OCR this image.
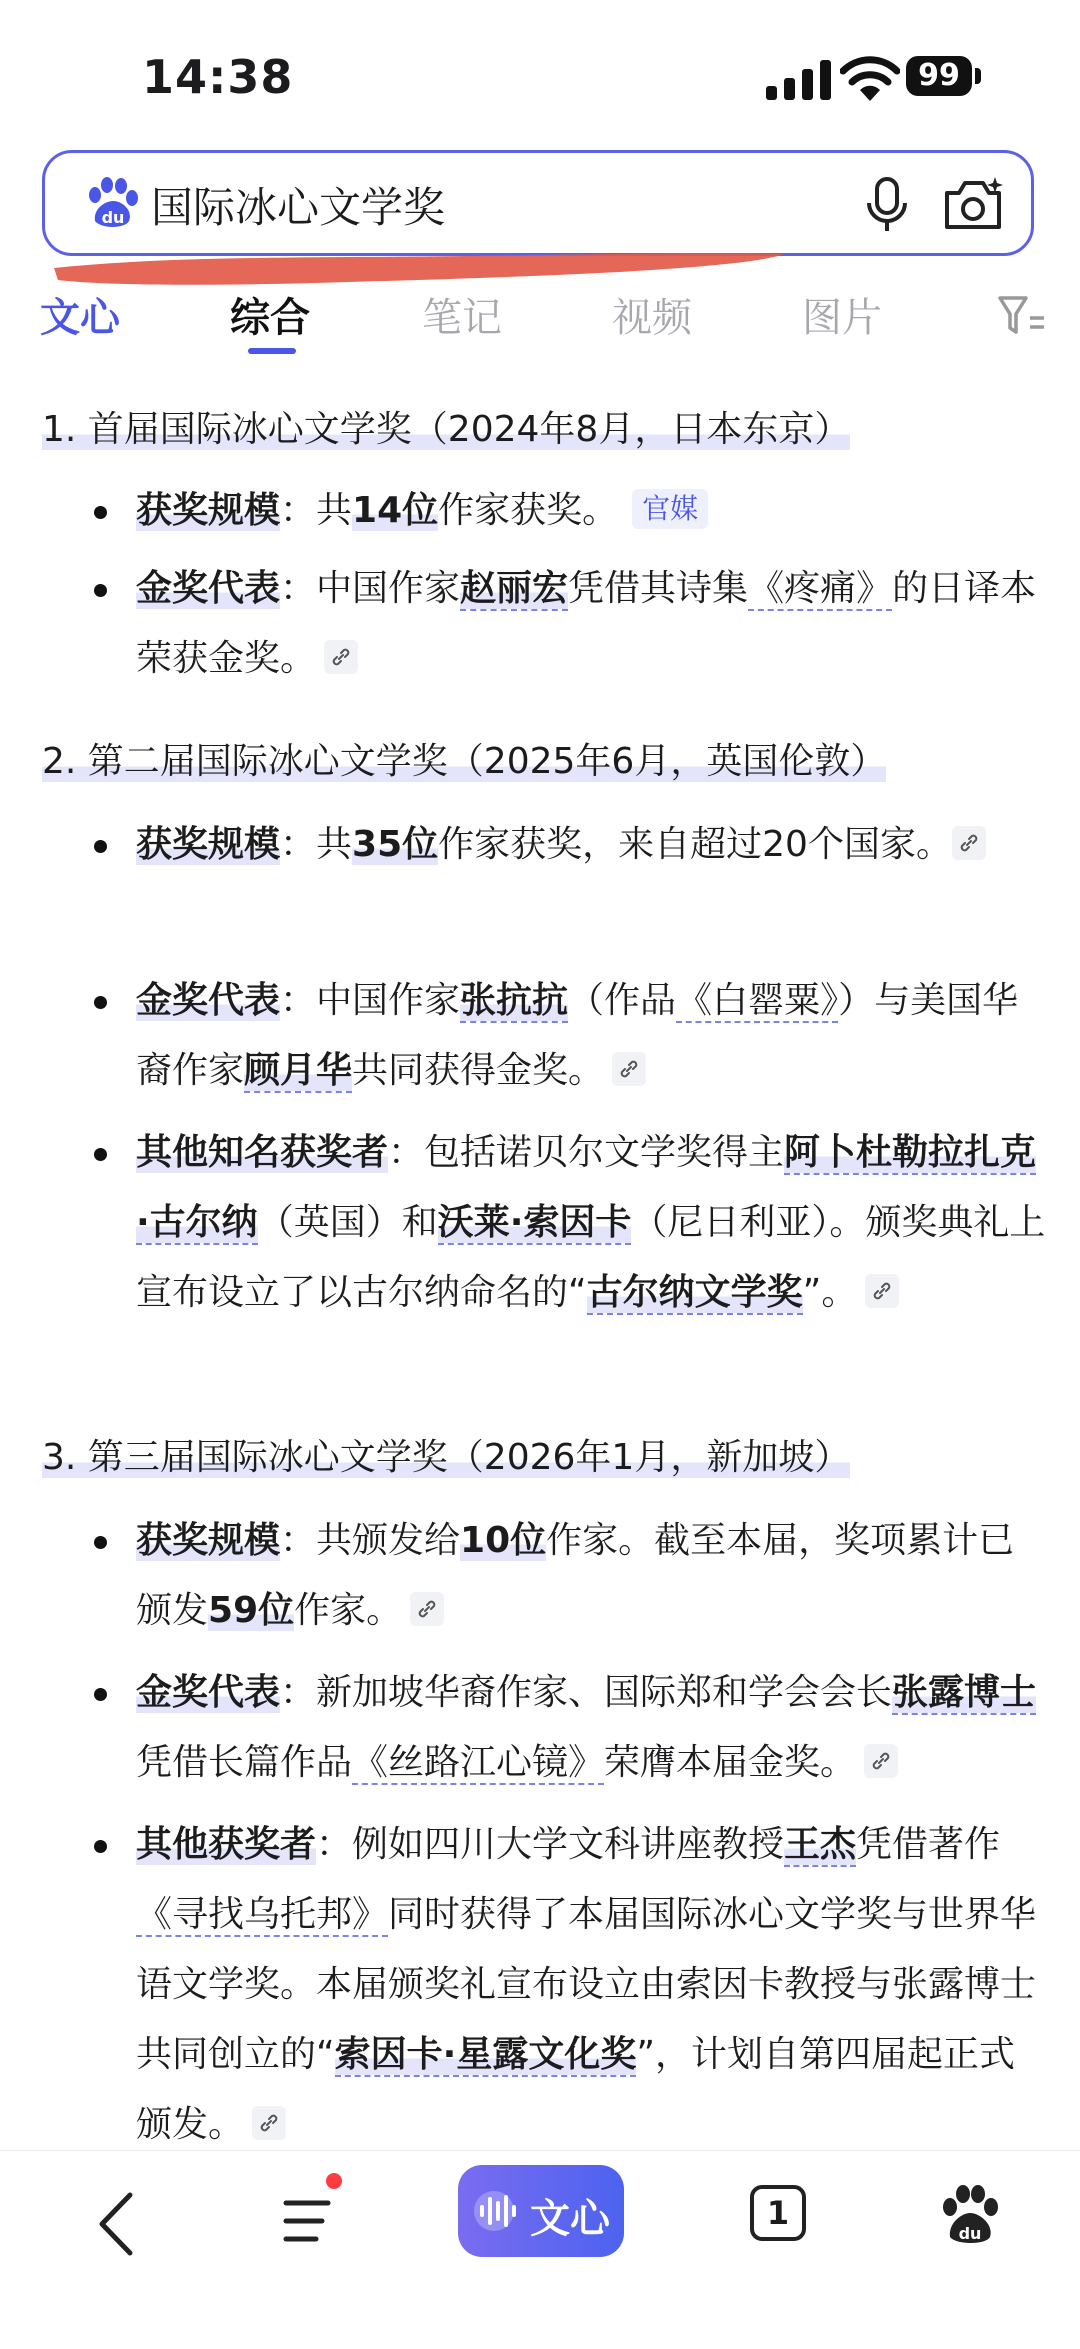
14:38	99
du
国际冰心文学奖
文心	综合	笔记	视频	图片
1. 首届国际冰心文学奖（2024年8月，日本东京）
获奖规模：共14位作家获奖。 官媒
金奖代表：中国作家赵丽宏凭借其诗集《疼痛》的日译本荣获金奖。
2. 第二届国际冰心文学奖（2025年6月，英国伦敦）
获奖规模：共35位作家获奖，来自超过20个国家。
金奖代表：中国作家张抗抗（作品《白罂粟》）与美国华裔作家顾月华共同获得金奖。
其他知名获奖者：包括诺贝尔文学奖得主阿卜杜勒拉扎克·古尔纳（英国）和沃莱·索因卡（尼日利亚）。颁奖典礼上宣布设立了以古尔纳命名的“古尔纳文学奖”。
3. 第三届国际冰心文学奖（2026年1月，新加坡）
获奖规模：共颁发给10位作家。截至本届，奖项累计已颁发59位作家。
金奖代表：新加坡华裔作家、国际郑和学会会长张露博士凭借长篇作品《丝路江心镜》荣膺本届金奖。
其他获奖者：例如四川大学文科讲座教授王杰凭借著作《寻找乌托邦》同时获得了本届国际冰心文学奖与世界华语文学奖。本届颁奖礼宣布设立由索因卡教授与张露博士共同创立的“索因卡·星露文化奖”，计划自第四届起正式颁发。
文心	1
du
